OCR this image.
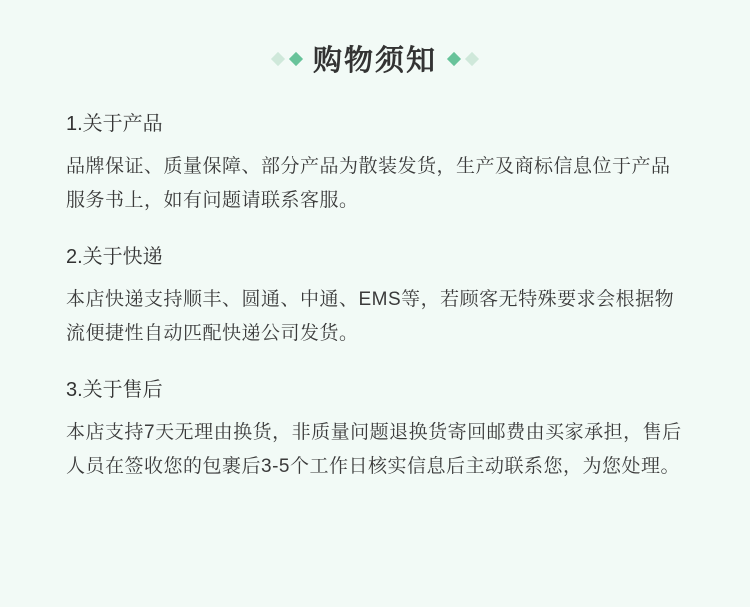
购物须知
1.关于产品

品牌保证、质量保障、部分产品为散装发货，生产及商标信息位于产品服务书上，如有问题请联系客服。

2.关于快递

本店快递支持顺丰、圆通、中通、EMS等，若顾客无特殊要求会根据物流便捷性自动匹配快递公司发货。

3.关于售后

本店支持7天无理由换货，非质量问题退换货寄回邮费由买家承担，售后人员在签收您的包裹后3-5个工作日核实信息后主动联系您，为您处理。
